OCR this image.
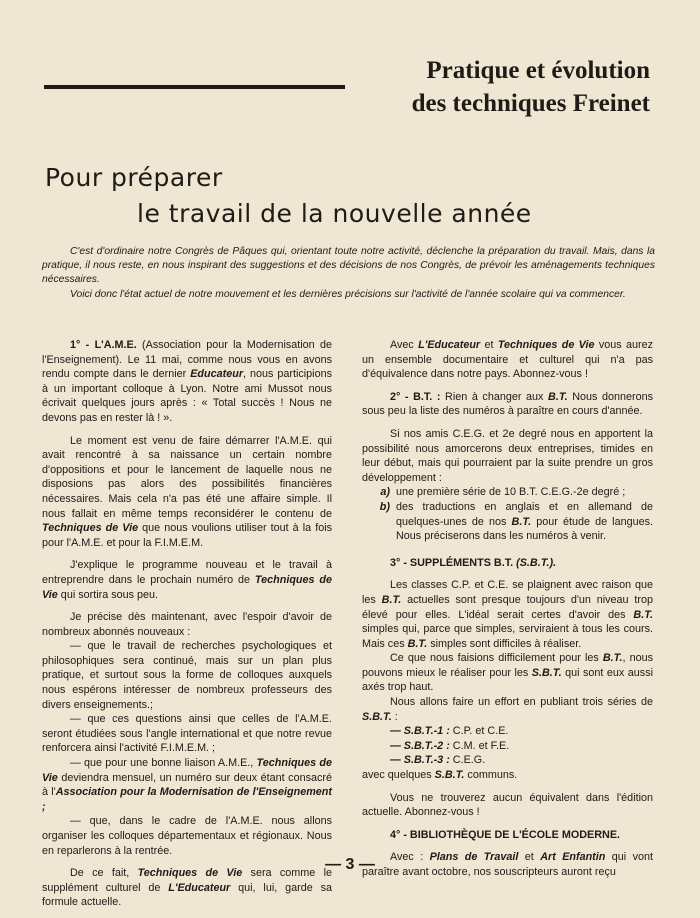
Pratique et évolution
des techniques Freinet
Pour préparer
le travail de la nouvelle année

C'est d'ordinaire notre Congrès de Pâques qui, orientant toute notre activité, déclenche la préparation du travail. Mais, dans la pratique, il nous reste, en nous inspirant des suggestions et des décisions de nos Congrès, de prévoir les aménagements techniques nécessaires.

Voici donc l'état actuel de notre mouvement et les dernières précisions sur l'activité de l'année scolaire qui va commencer.

1° - L'A.M.E. (Association pour la Modernisation de l'Enseignement). Le 11 mai, comme nous vous en avons rendu compte dans le dernier Educateur, nous participions à un important colloque à Lyon. Notre ami Mussot nous écrivait quelques jours après : « Total succès ! Nous ne devons pas en rester là ! ».

Le moment est venu de faire démarrer l'A.M.E. qui avait rencontré à sa naissance un certain nombre d'oppositions et pour le lancement de laquelle nous ne disposions pas alors des possibilités financières nécessaires. Mais cela n'a pas été une affaire simple. Il nous fallait en même temps reconsidérer le contenu de Techniques de Vie que nous voulions utiliser tout à la fois pour l'A.M.E. et pour la F.I.M.E.M.

J'explique le programme nouveau et le travail à entreprendre dans le prochain numéro de Techniques de Vie qui sortira sous peu.

Je précise dès maintenant, avec l'espoir d'avoir de nombreux abonnés nouveaux :

— que le travail de recherches psychologiques et philosophiques sera continué, mais sur un plan plus pratique, et surtout sous la forme de colloques auxquels nous espérons intéresser de nombreux professeurs des divers enseignements.;

— que ces questions ainsi que celles de l'A.M.E. seront étudiées sous l'angle international et que notre revue renforcera ainsi l'activité F.I.M.E.M. ;

— que pour une bonne liaison A.M.E., Techniques de Vie deviendra mensuel, un numéro sur deux étant consacré à l'Association pour la Modernisation de l'Enseignement ;

— que, dans le cadre de l'A.M.E. nous allons organiser les colloques départementaux et régionaux. Nous en reparlerons à la rentrée.

De ce fait, Techniques de Vie sera comme le supplément culturel de L'Educateur qui, lui, garde sa formule actuelle.

Avec L'Educateur et Techniques de Vie vous aurez un ensemble documentaire et culturel qui n'a pas d'équivalence dans notre pays. Abonnez-vous !

2° - B.T. : Rien à changer aux B.T. Nous donnerons sous peu la liste des numéros à paraître en cours d'année.

Si nos amis C.E.G. et 2e degré nous en apportent la possibilité nous amorcerons deux entreprises, timides en leur début, mais qui pourraient par la suite prendre un gros développement :

a) une première série de 10 B.T. C.E.G.-2e degré ;
b) des traductions en anglais et en allemand de quelques-unes de nos B.T. pour étude de langues. Nous préciserons dans les numéros à venir.

3° - SUPPLÉMENTS B.T. (S.B.T.).

Les classes C.P. et C.E. se plaignent avec raison que les B.T. actuelles sont presque toujours d'un niveau trop élevé pour elles. L'idéal serait certes d'avoir des B.T. simples qui, parce que simples, serviraient à tous les cours. Mais ces B.T. simples sont difficiles à réaliser.

Ce que nous faisions difficilement pour les B.T., nous pouvons mieux le réaliser pour les S.B.T. qui sont eux aussi axés trop haut.

Nous allons faire un effort en publiant trois séries de S.B.T. :

— S.B.T.-1 : C.P. et C.E.

— S.B.T.-2 : C.M. et F.E.

— S.B.T.-3 : C.E.G.

avec quelques S.B.T. communs.

Vous ne trouverez aucun équivalent dans l'édition actuelle. Abonnez-vous !

4° - BIBLIOTHÈQUE DE L'ÉCOLE MODERNE.

Avec : Plans de Travail et Art Enfantin qui vont paraître avant octobre, nos souscripteurs auront reçu

— 3 —
